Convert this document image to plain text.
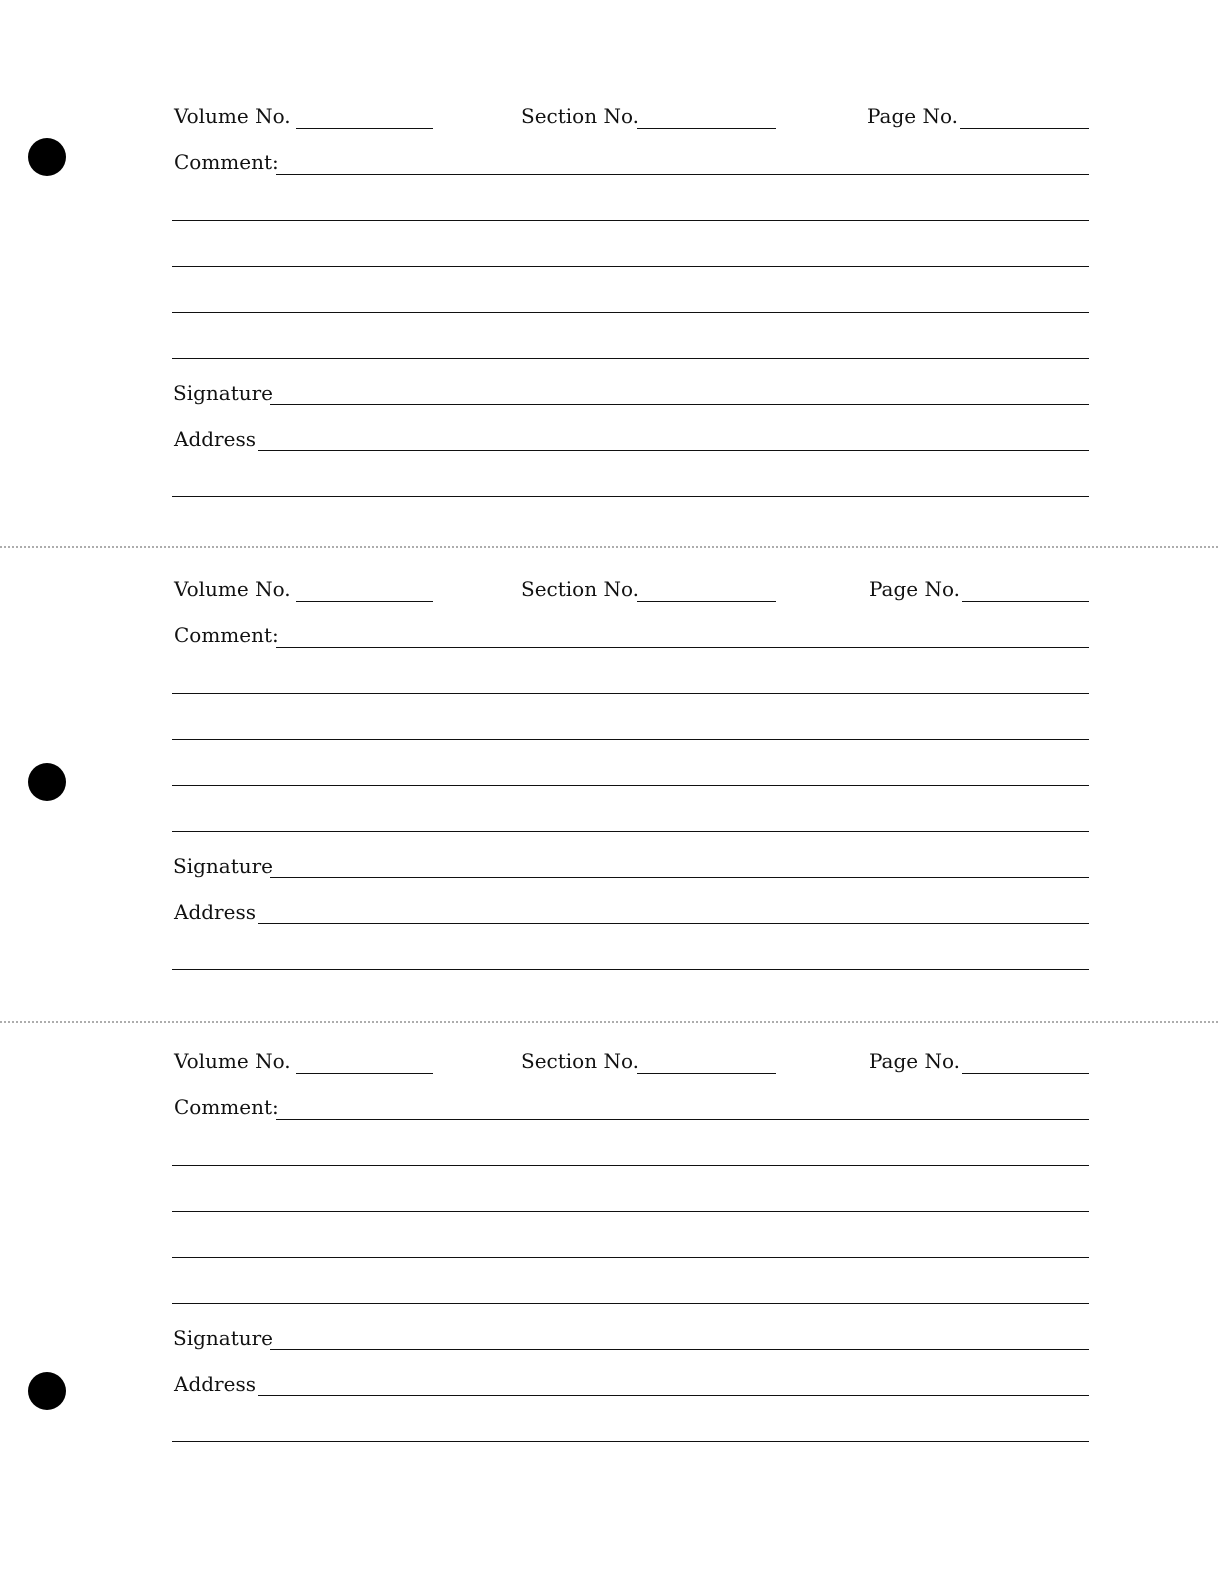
Volume No.	Section No.	Page No.
Comment:
Signature
Address
Volume No.	Section No.	Page No.
Comment:
Signature
Address
Volume No.	Section No.	Page No.
Comment:
Signature
Address
